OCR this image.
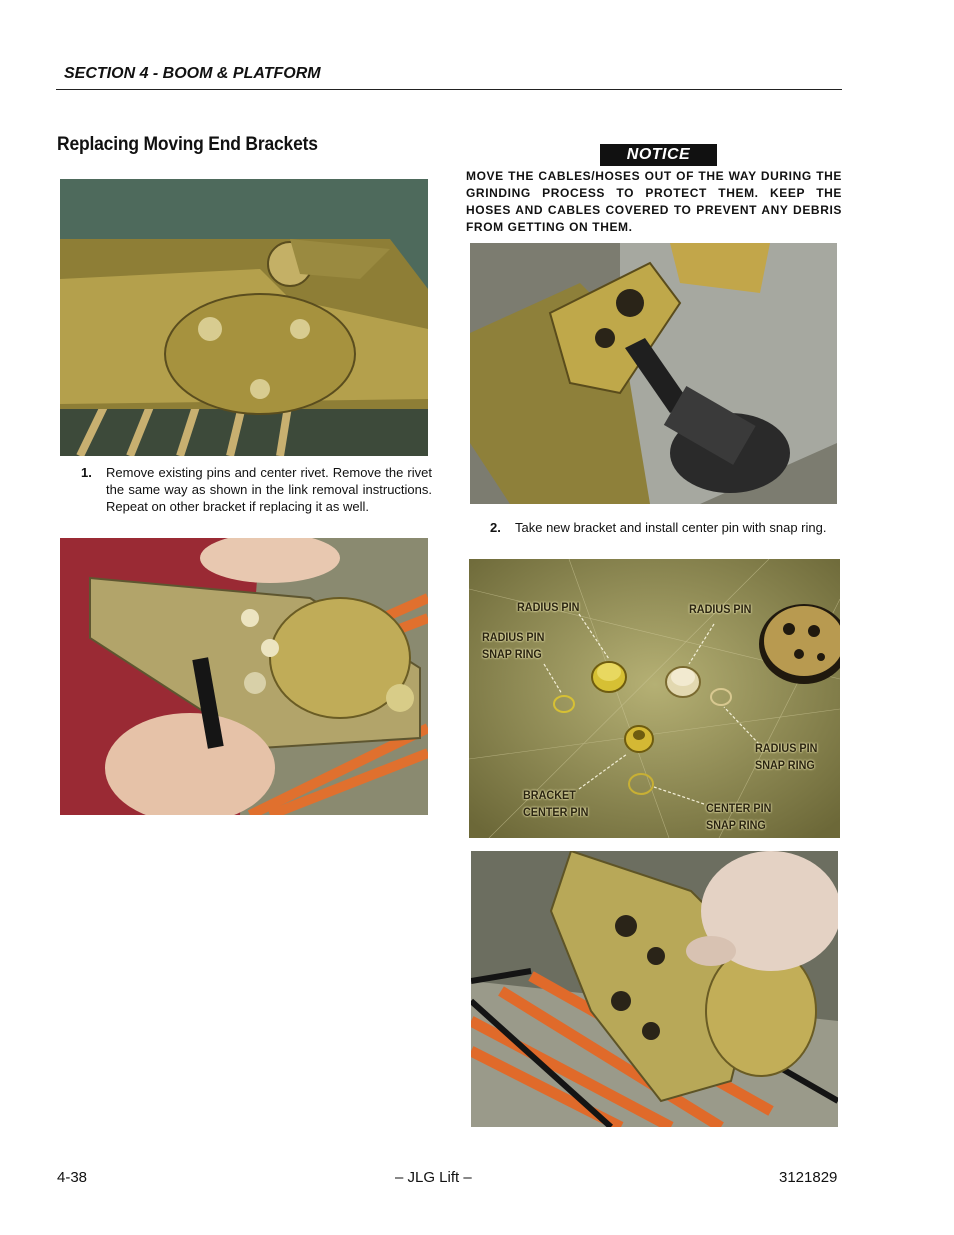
SECTION 4 - BOOM & PLATFORM
Replacing Moving End Brackets
1. Remove existing pins and center rivet. Remove the rivet the same way as shown in the link removal instructions. Repeat on other bracket if replacing it as well.
NOTICE
MOVE THE CABLES/HOSES OUT OF THE WAY DURING THE GRINDING PROCESS TO PROTECT THEM. KEEP THE HOSES AND CABLES COVERED TO PREVENT ANY DEBRIS FROM GETTING ON THEM.
2. Take new bracket and install center pin with snap ring.
RADIUS PIN	RADIUS PIN
RADIUS PIN
SNAP RING
RADIUS PIN
SNAP RING
BRACKET
CENTER PIN	CENTER PIN
SNAP RING
4-38	– JLG Lift –	3121829
